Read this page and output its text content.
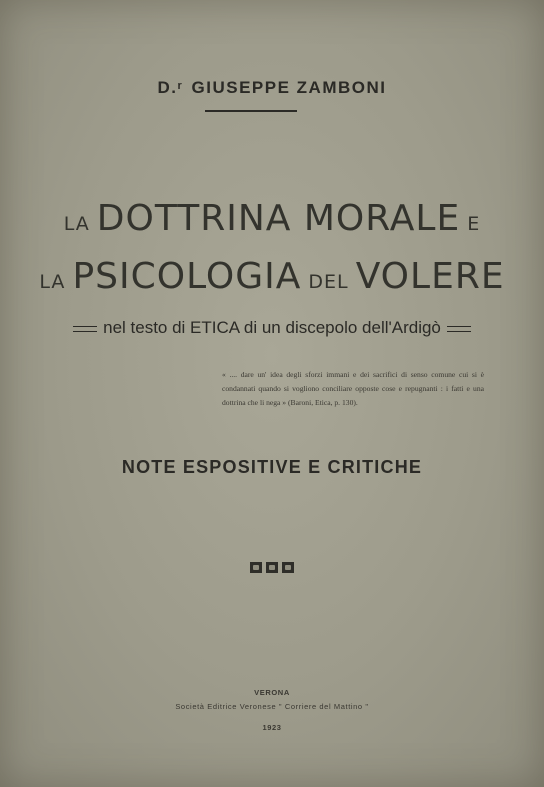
D.$^r$ GIUSEPPE ZAMBONI
LA DOTTRINA MORALE E
LA PSICOLOGIA DEL VOLERE
nel testo di ETICA di un discepolo dell'Ardigò
« .... dare un' idea degli sforzi immani e dei sacrifici di senso comune cui si è condannati quando si vogliono conciliare opposte cose e repugnanti : i fatti e una dottrina che li nega » (Baroni, Etica, p. 130).
NOTE ESPOSITIVE E CRITICHE
VERONA
Società Editrice Veronese " Corriere del Mattino "
1923
